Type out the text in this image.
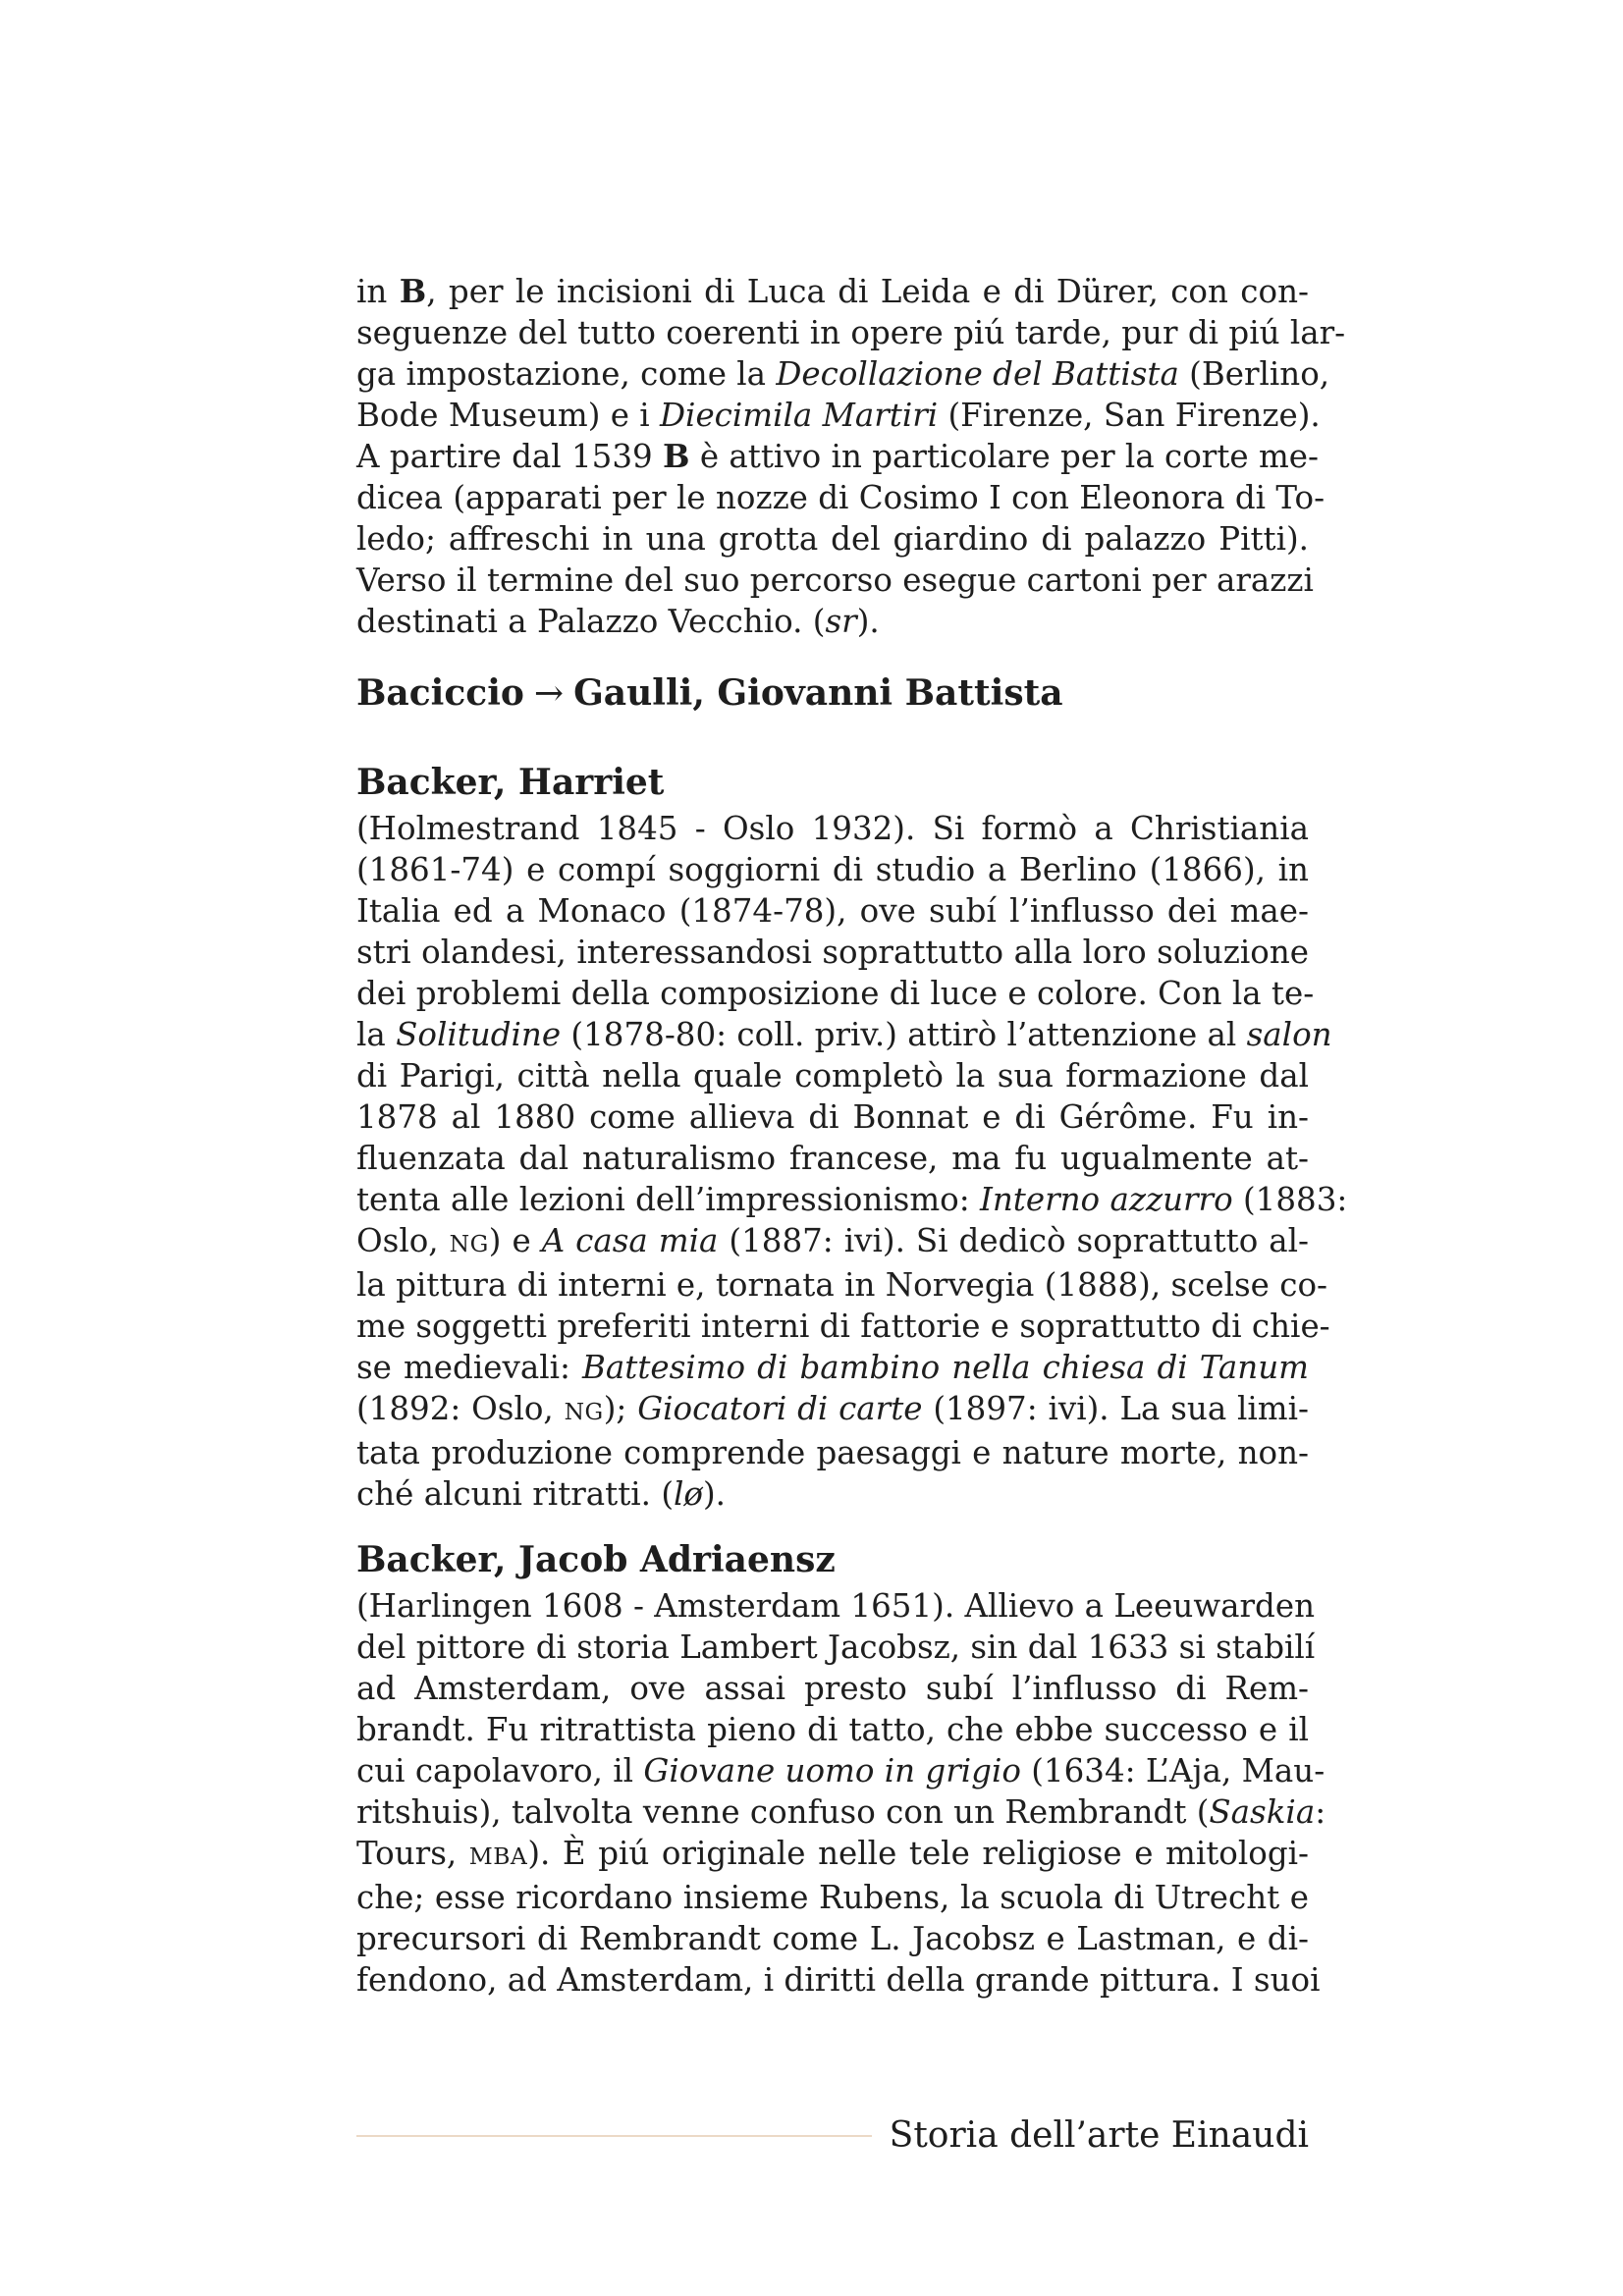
in B, per le incisioni di Luca di Leida e di Dürer, con con-
seguenze del tutto coerenti in opere piú tarde, pur di piú lar-
ga impostazione, come la Decollazione del Battista (Berlino,
Bode Museum) e i Diecimila Martiri (Firenze, San Firenze).
A partire dal 1539 B è attivo in particolare per la corte me-
dicea (apparati per le nozze di Cosimo I con Eleonora di To-
ledo; affreschi in una grotta del giardino di palazzo Pitti).
Verso il termine del suo percorso esegue cartoni per arazzi
destinati a Palazzo Vecchio. (sr).

Baciccio → Gaulli, Giovanni Battista
Backer, Harriet

(Holmestrand 1845 - Oslo 1932). Si formò a Christiania
(1861-74) e compí soggiorni di studio a Berlino (1866), in
Italia ed a Monaco (1874-78), ove subí l’influsso dei mae-
stri olandesi, interessandosi soprattutto alla loro soluzione
dei problemi della composizione di luce e colore. Con la te-
la Solitudine (1878-80: coll. priv.) attirò l’attenzione al salon
di Parigi, città nella quale completò la sua formazione dal
1878 al 1880 come allieva di Bonnat e di Gérôme. Fu in-
fluenzata dal naturalismo francese, ma fu ugualmente at-
tenta alle lezioni dell’impressionismo: Interno azzurro (1883:
Oslo, NG) e A casa mia (1887: ivi). Si dedicò soprattutto al-
la pittura di interni e, tornata in Norvegia (1888), scelse co-
me soggetti preferiti interni di fattorie e soprattutto di chie-
se medievali: Battesimo di bambino nella chiesa di Tanum
(1892: Oslo, NG); Giocatori di carte (1897: ivi). La sua limi-
tata produzione comprende paesaggi e nature morte, non-
ché alcuni ritratti. (lø).

Backer, Jacob Adriaensz

(Harlingen 1608 - Amsterdam 1651). Allievo a Leeuwarden
del pittore di storia Lambert Jacobsz, sin dal 1633 si stabilí
ad Amsterdam, ove assai presto subí l’influsso di Rem-
brandt. Fu ritrattista pieno di tatto, che ebbe successo e il
cui capolavoro, il Giovane uomo in grigio (1634: L’Aja, Mau-
ritshuis), talvolta venne confuso con un Rembrandt (Saskia:
Tours, MBA). È piú originale nelle tele religiose e mitologi-
che; esse ricordano insieme Rubens, la scuola di Utrecht e
precursori di Rembrandt come L. Jacobsz e Lastman, e di-
fendono, ad Amsterdam, i diritti della grande pittura. I suoi

Storia dell’arte Einaudi
